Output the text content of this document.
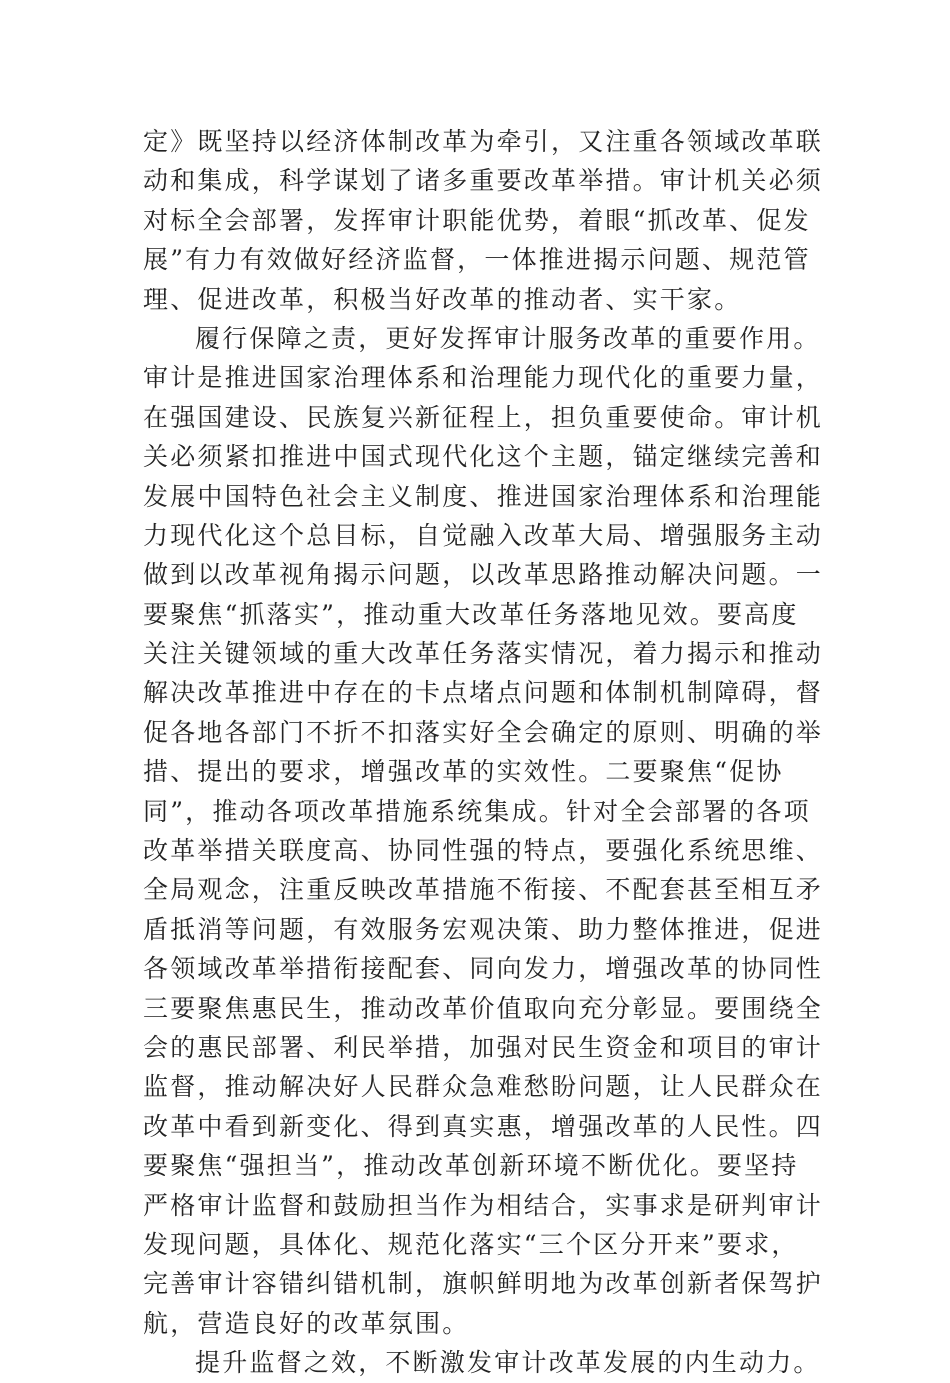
定》既坚持以经济体制改革为牵引，又注重各领域改革联
动和集成，科学谋划了诸多重要改革举措。审计机关必须
对标全会部署，发挥审计职能优势，着眼“抓改革、促发
展”有力有效做好经济监督，一体推进揭示问题、规范管
理、促进改革，积极当好改革的推动者、实干家。
履行保障之责，更好发挥审计服务改革的重要作用。
审计是推进国家治理体系和治理能力现代化的重要力量，
在强国建设、民族复兴新征程上，担负重要使命。审计机
关必须紧扣推进中国式现代化这个主题，锚定继续完善和
发展中国特色社会主义制度、推进国家治理体系和治理能
力现代化这个总目标，自觉融入改革大局、增强服务主动
做到以改革视角揭示问题，以改革思路推动解决问题。一
要聚焦“抓落实”，推动重大改革任务落地见效。要高度
关注关键领域的重大改革任务落实情况，着力揭示和推动
解决改革推进中存在的卡点堵点问题和体制机制障碍，督
促各地各部门不折不扣落实好全会确定的原则、明确的举
措、提出的要求，增强改革的实效性。二要聚焦“促协
同”，推动各项改革措施系统集成。针对全会部署的各项
改革举措关联度高、协同性强的特点，要强化系统思维、
全局观念，注重反映改革措施不衔接、不配套甚至相互矛
盾抵消等问题，有效服务宏观决策、助力整体推进，促进
各领域改革举措衔接配套、同向发力，增强改革的协同性
三要聚焦惠民生，推动改革价值取向充分彰显。要围绕全
会的惠民部署、利民举措，加强对民生资金和项目的审计
监督，推动解决好人民群众急难愁盼问题，让人民群众在
改革中看到新变化、得到真实惠，增强改革的人民性。四
要聚焦“强担当”，推动改革创新环境不断优化。要坚持
严格审计监督和鼓励担当作为相结合，实事求是研判审计
发现问题，具体化、规范化落实“三个区分开来”要求，
完善审计容错纠错机制，旗帜鲜明地为改革创新者保驾护
航，营造良好的改革氛围。
提升监督之效，不断激发审计改革发展的内生动力。
